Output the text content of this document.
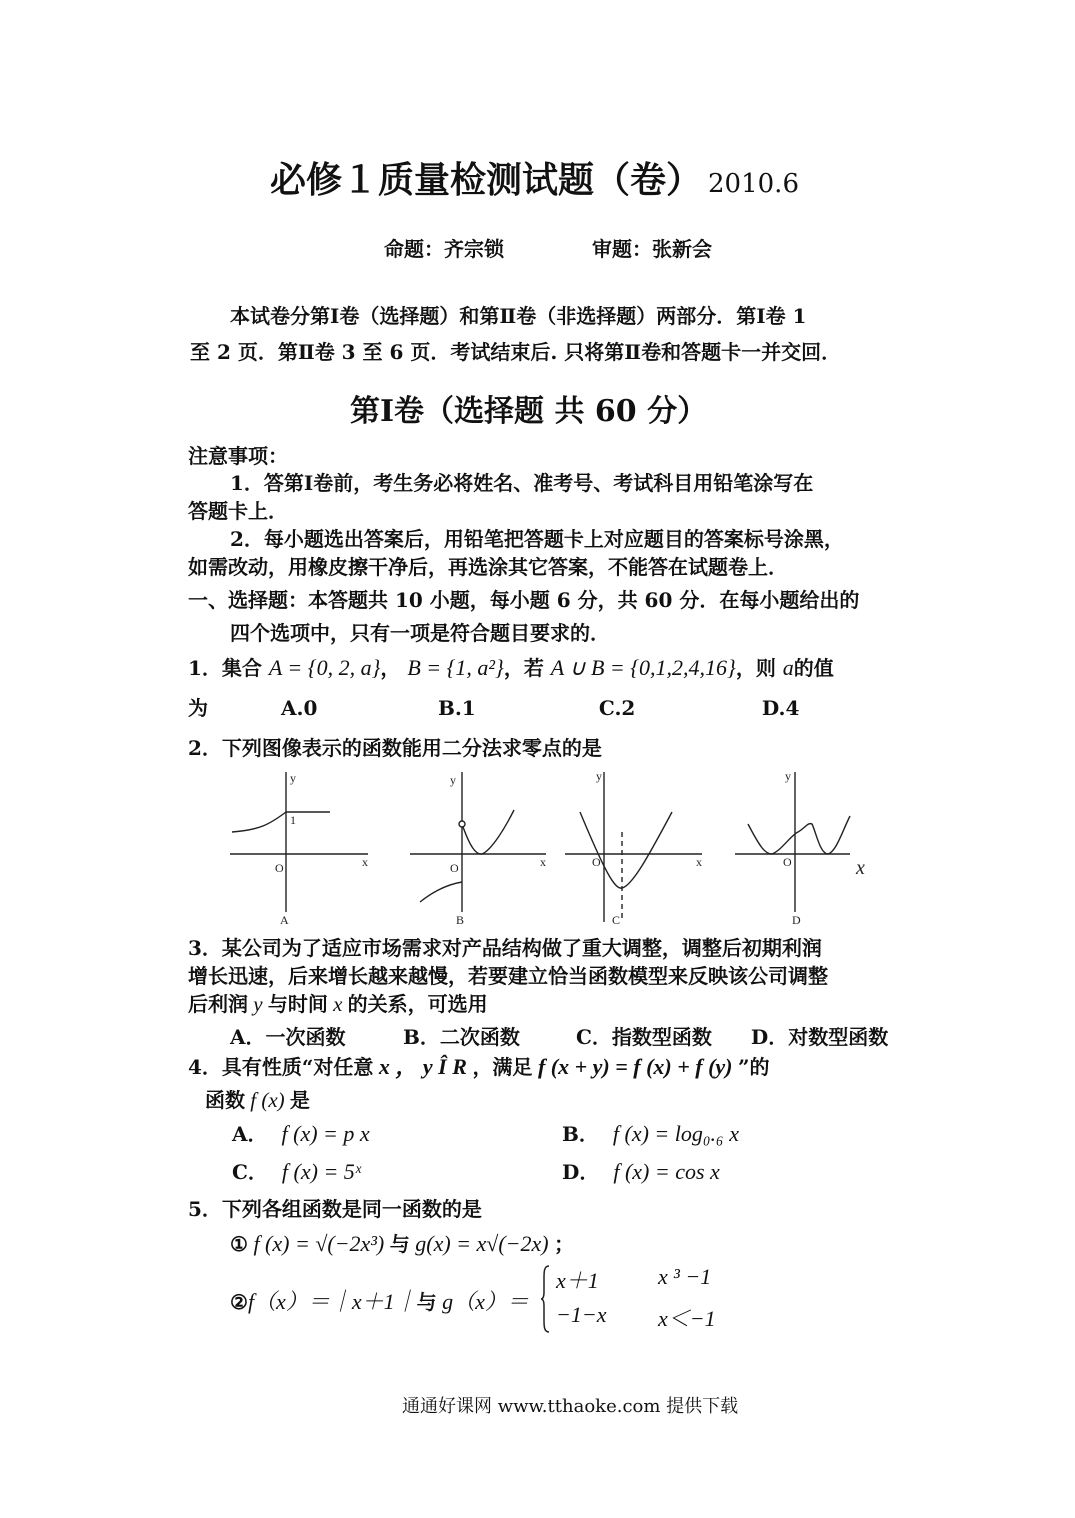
必修１质量检测试题（卷） 2010.6
命题：齐宗锁	审题：张新会
本试卷分第Ⅰ卷（选择题）和第Ⅱ卷（非选择题）两部分．第Ⅰ卷 1
至 2 页．第Ⅱ卷 3 至 6 页．考试结束后. 只将第Ⅱ卷和答题卡一并交回．
第Ⅰ卷（选择题 共 60 分）
注意事项：
1．答第Ⅰ卷前，考生务必将姓名、准考号、考试科目用铅笔涂写在
答题卡上．
2．每小题选出答案后，用铅笔把答题卡上对应题目的答案标号涂黑，
如需改动，用橡皮擦干净后，再选涂其它答案，不能答在试题卷上．
一、选择题：本答题共 10 小题，每小题 6 分，共 60 分．在每小题给出的
四个选项中，只有一项是符合题目要求的．
1．集合 A = {0, 2, a}， B = {1, a²}，若 A ∪ B = {0,1,2,4,16}，则 a的值
为	A.0	B.1	C.2	D.4
2．下列图像表示的函数能用二分法求零点的是
O
1
x
y
A
O	x
y
B
O	x
y
C
O	x
y
D
3．某公司为了适应市场需求对产品结构做了重大调整，调整后初期利润
增长迅速，后来增长越来越慢，若要建立恰当函数模型来反映该公司调整
后利润 y 与时间 x 的关系，可选用
A．一次函数	B．二次函数	C．指数型函数 D．对数型函数
4．具有性质“对任意 x ， y Î R ，满足 f (x + y) = f (x) + f (y) ”的
函数 f (x) 是
A． f (x) = p x	B． f (x) = log₀.₆ x
C． f (x) = 5ˣ	D． f (x) = cos x
5．下列各组函数是同一函数的是
① f (x) = √(−2x³) 与 g(x) = x√(−2x) ；
②f（x）＝｜x＋1｜与 g（x）＝
x＋1	x ³ −1
−1−x x＜−1
通通好课网 www.tthaoke.com 提供下载
